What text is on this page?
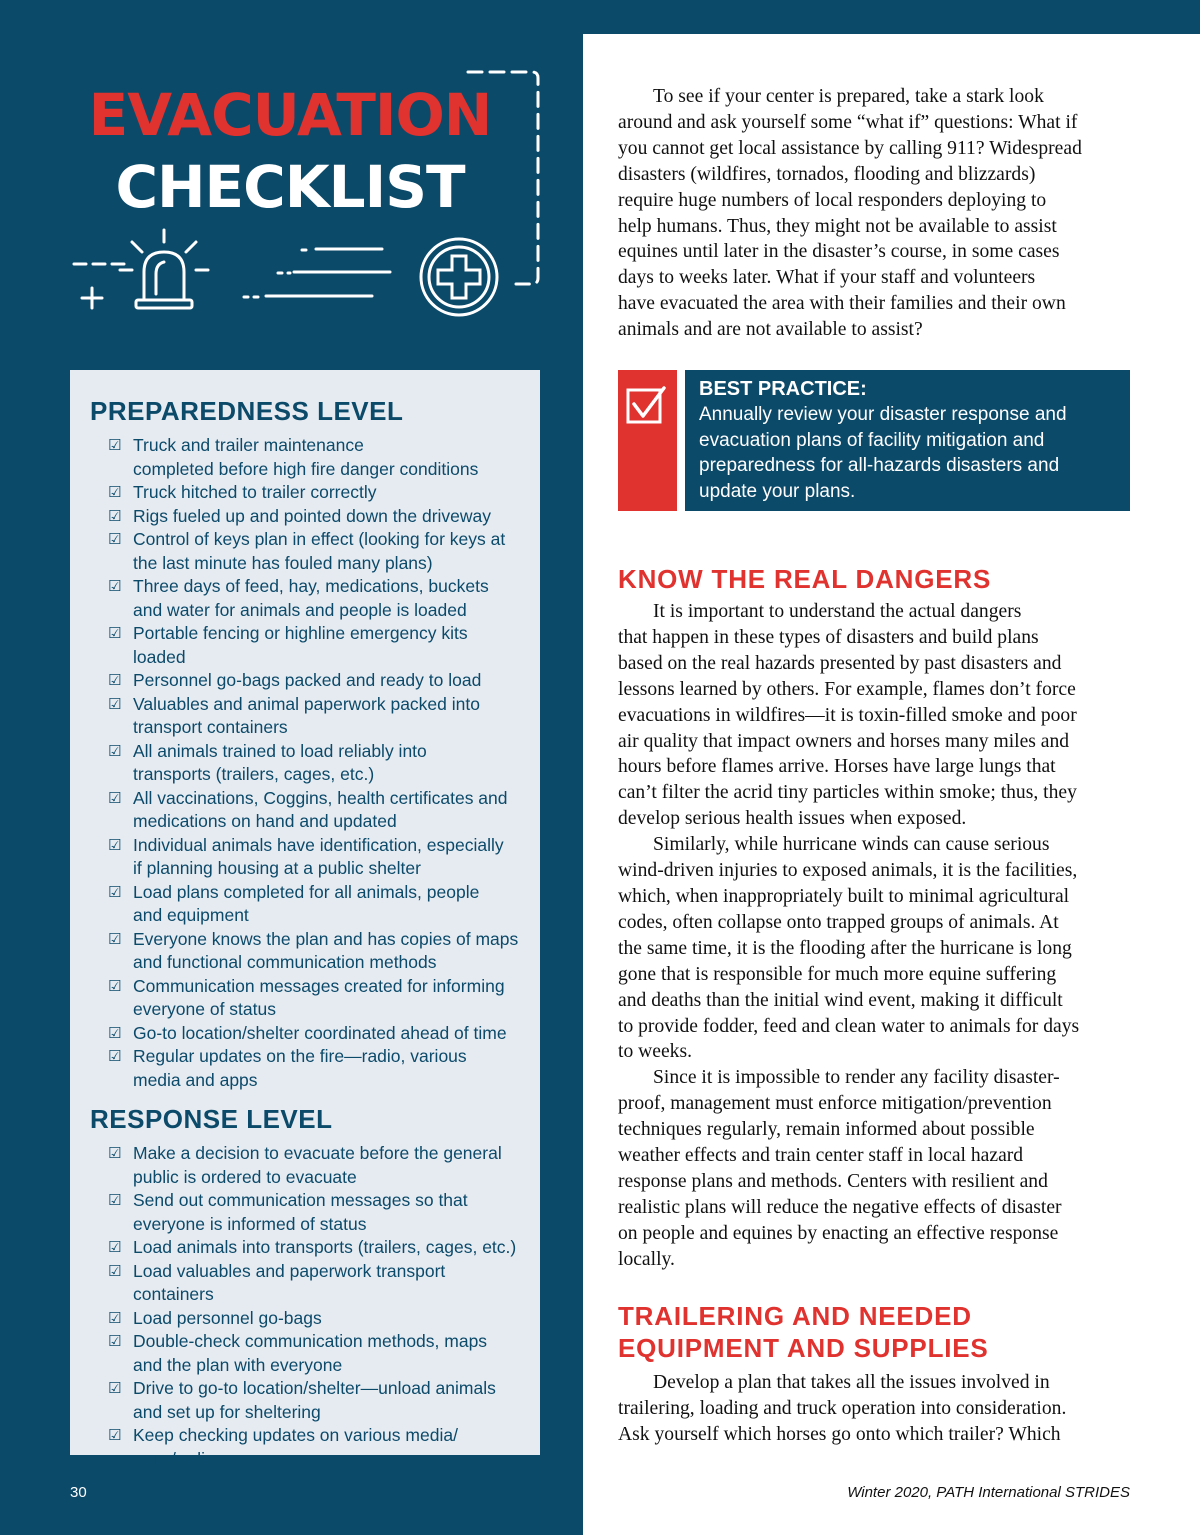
EVACUATION
CHECKLIST
PREPAREDNESS LEVEL
☑ Truck and trailer maintenance
completed before high fire danger conditions
☑ Truck hitched to trailer correctly
☑ Rigs fueled up and pointed down the driveway
☑ Control of keys plan in effect (looking for keys at
the last minute has fouled many plans)
☑ Three days of feed, hay, medications, buckets
and water for animals and people is loaded
☑ Portable fencing or highline emergency kits loaded
☑ Personnel go-bags packed and ready to load
☑ Valuables and animal paperwork packed into
transport containers
☑ All animals trained to load reliably into
transports (trailers, cages, etc.)
☑ All vaccinations, Coggins, health certificates and
medications on hand and updated
☑ Individual animals have identification, especially
if planning housing at a public shelter
☑ Load plans completed for all animals, people
and equipment
☑ Everyone knows the plan and has copies of maps
and functional communication methods
☑ Communication messages created for informing
everyone of status
☑ Go-to location/shelter coordinated ahead of time
☑ Regular updates on the fire—radio, various
media and apps
RESPONSE LEVEL
☑ Make a decision to evacuate before the general
public is ordered to evacuate
☑ Send out communication messages so that
everyone is informed of status
☑ Load animals into transports (trailers, cages, etc.)
☑ Load valuables and paperwork transport containers
☑ Load personnel go-bags
☑ Double-check communication methods, maps
and the plan with everyone
☑ Drive to go-to location/shelter—unload animals
and set up for sheltering
☑ Keep checking updates on various media/
apps/radio
30

To see if your center is prepared, take a stark look
around and ask yourself some “what if” questions: What if
you cannot get local assistance by calling 911? Widespread
disasters (wildfires, tornados, flooding and blizzards)
require huge numbers of local responders deploying to
help humans. Thus, they might not be available to assist
equines until later in the disaster’s course, in some cases
days to weeks later. What if your staff and volunteers
have evacuated the area with their families and their own
animals and are not available to assist?

BEST PRACTICE:
Annually review your disaster response and
evacuation plans of facility mitigation and
preparedness for all-hazards disasters and
update your plans.
KNOW THE REAL DANGERS

It is important to understand the actual dangers
that happen in these types of disasters and build plans
based on the real hazards presented by past disasters and
lessons learned by others. For example, flames don’t force
evacuations in wildfires—it is toxin-filled smoke and poor
air quality that impact owners and horses many miles and
hours before flames arrive. Horses have large lungs that
can’t filter the acrid tiny particles within smoke; thus, they
develop serious health issues when exposed.

Similarly, while hurricane winds can cause serious
wind-driven injuries to exposed animals, it is the facilities,
which, when inappropriately built to minimal agricultural
codes, often collapse onto trapped groups of animals. At
the same time, it is the flooding after the hurricane is long
gone that is responsible for much more equine suffering
and deaths than the initial wind event, making it difficult
to provide fodder, feed and clean water to animals for days
to weeks.

Since it is impossible to render any facility disaster-
proof, management must enforce mitigation/prevention
techniques regularly, remain informed about possible
weather effects and train center staff in local hazard
response plans and methods. Centers with resilient and
realistic plans will reduce the negative effects of disaster
on people and equines by enacting an effective response
locally.

TRAILERING AND NEEDED
EQUIPMENT AND SUPPLIES

Develop a plan that takes all the issues involved in
trailering, loading and truck operation into consideration.
Ask yourself which horses go onto which trailer? Which

Winter 2020, PATH International STRIDES
